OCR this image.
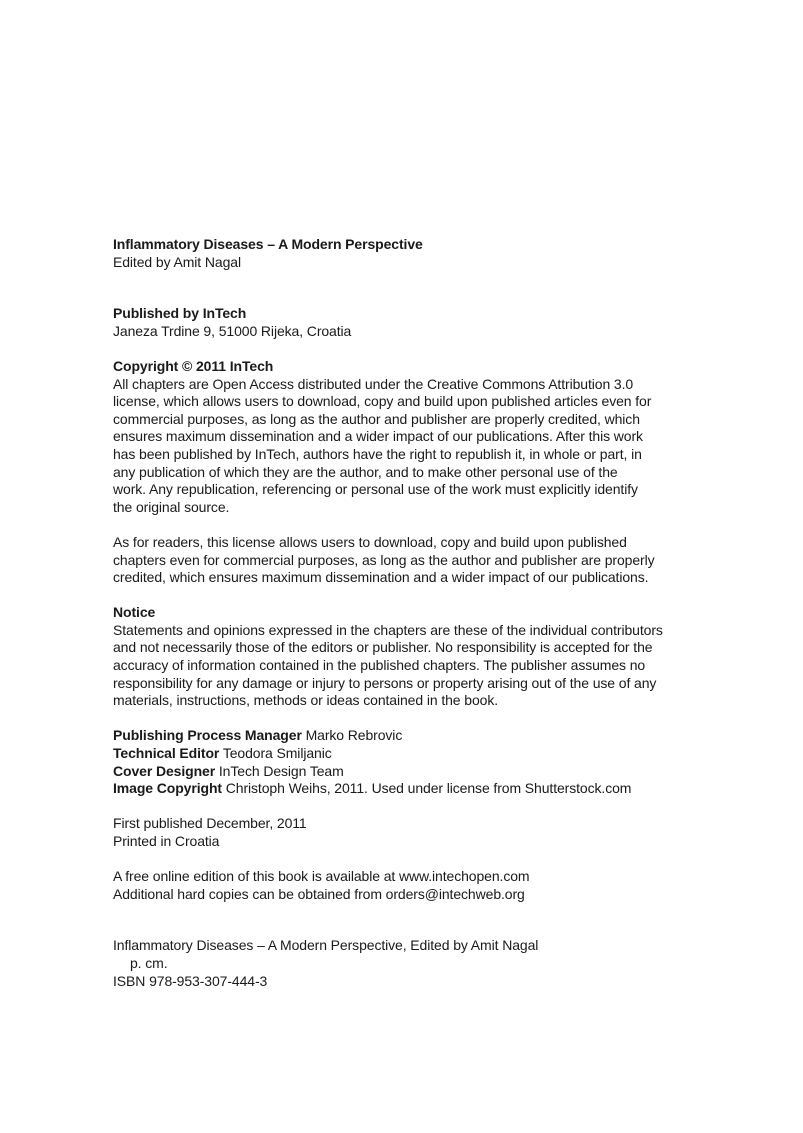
Inflammatory Diseases – A Modern Perspective
Edited by Amit Nagal
Published by InTech
Janeza Trdine 9, 51000 Rijeka, Croatia
Copyright © 2011 InTech
All chapters are Open Access distributed under the Creative Commons Attribution 3.0
license, which allows users to download, copy and build upon published articles even for
commercial purposes, as long as the author and publisher are properly credited, which
ensures maximum dissemination and a wider impact of our publications. After this work
has been published by InTech, authors have the right to republish it, in whole or part, in
any publication of which they are the author, and to make other personal use of the
work. Any republication, referencing or personal use of the work must explicitly identify
the original source.
As for readers, this license allows users to download, copy and build upon published
chapters even for commercial purposes, as long as the author and publisher are properly
credited, which ensures maximum dissemination and a wider impact of our publications.
Notice
Statements and opinions expressed in the chapters are these of the individual contributors
and not necessarily those of the editors or publisher. No responsibility is accepted for the
accuracy of information contained in the published chapters. The publisher assumes no
responsibility for any damage or injury to persons or property arising out of the use of any
materials, instructions, methods or ideas contained in the book.
Publishing Process Manager Marko Rebrovic
Technical Editor Teodora Smiljanic
Cover Designer InTech Design Team
Image Copyright Christoph Weihs, 2011. Used under license from Shutterstock.com
First published December, 2011
Printed in Croatia
A free online edition of this book is available at www.intechopen.com
Additional hard copies can be obtained from orders@intechweb.org
Inflammatory Diseases – A Modern Perspective, Edited by Amit Nagal
p. cm.
ISBN 978-953-307-444-3
